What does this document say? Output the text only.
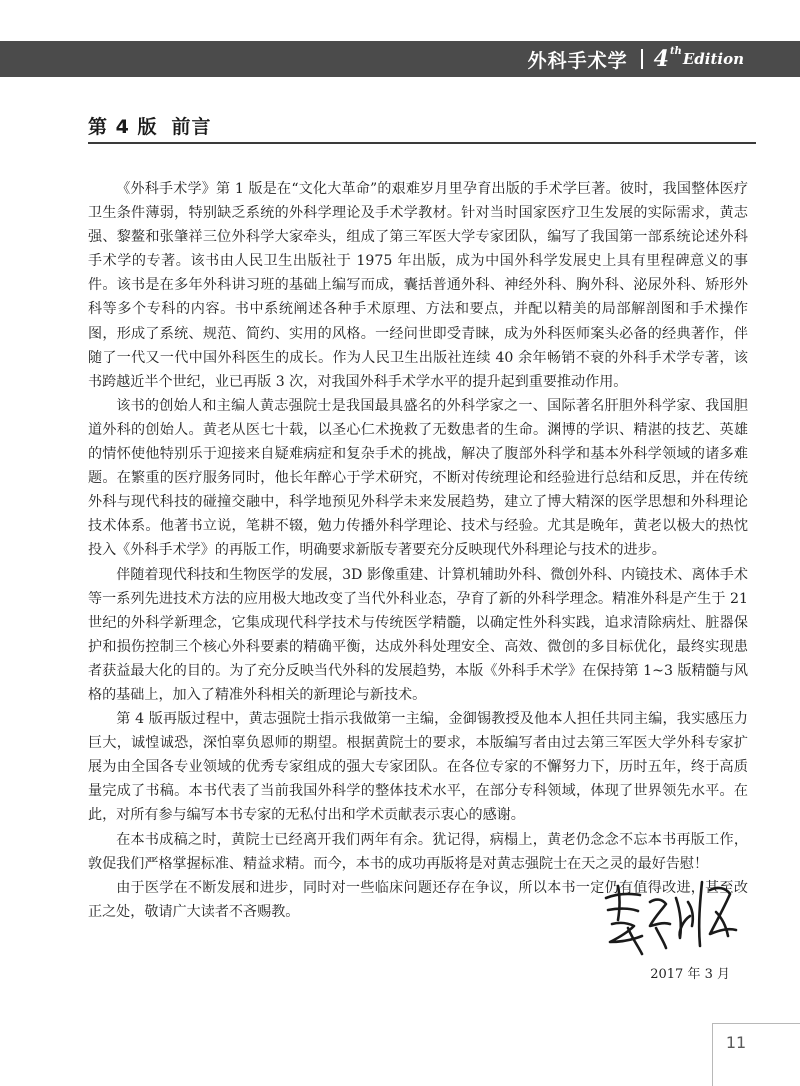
外科手术学 4 th Edition
第 4 版 前言

《外科手术学》第 1 版是在“文化大革命”的艰难岁月里孕育出版的手术学巨著。彼时，我国整体医疗卫生条件薄弱，特别缺乏系统的外科学理论及手术学教材。针对当时国家医疗卫生发展的实际需求，黄志强、黎鳌和张肇祥三位外科学大家牵头，组成了第三军医大学专家团队，编写了我国第一部系统论述外科手术学的专著。该书由人民卫生出版社于 1975 年出版，成为中国外科学发展史上具有里程碑意义的事件。该书是在多年外科讲习班的基础上编写而成，囊括普通外科、神经外科、胸外科、泌尿外科、矫形外科等多个专科的内容。书中系统阐述各种手术原理、方法和要点，并配以精美的局部解剖图和手术操作图，形成了系统、规范、简约、实用的风格。一经问世即受青睐，成为外科医师案头必备的经典著作，伴随了一代又一代中国外科医生的成长。作为人民卫生出版社连续 40 余年畅销不衰的外科手术学专著，该书跨越近半个世纪，业已再版 3 次，对我国外科手术学水平的提升起到重要推动作用。

该书的创始人和主编人黄志强院士是我国最具盛名的外科学家之一、国际著名肝胆外科学家、我国胆道外科的创始人。黄老从医七十载，以圣心仁术挽救了无数患者的生命。渊博的学识、精湛的技艺、英雄的情怀使他特别乐于迎接来自疑难病症和复杂手术的挑战，解决了腹部外科学和基本外科学领域的诸多难题。在繁重的医疗服务同时，他长年醉心于学术研究，不断对传统理论和经验进行总结和反思，并在传统外科与现代科技的碰撞交融中，科学地预见外科学未来发展趋势，建立了博大精深的医学思想和外科理论技术体系。他著书立说，笔耕不辍，勉力传播外科学理论、技术与经验。尤其是晚年，黄老以极大的热忱投入《外科手术学》的再版工作，明确要求新版专著要充分反映现代外科理论与技术的进步。

伴随着现代科技和生物医学的发展，3D 影像重建、计算机辅助外科、微创外科、内镜技术、离体手术等一系列先进技术方法的应用极大地改变了当代外科业态，孕育了新的外科学理念。精准外科是产生于 21 世纪的外科学新理念，它集成现代科学技术与传统医学精髓，以确定性外科实践，追求清除病灶、脏器保护和损伤控制三个核心外科要素的精确平衡，达成外科处理安全、高效、微创的多目标优化，最终实现患者获益最大化的目的。为了充分反映当代外科的发展趋势，本版《外科手术学》在保持第 1~3 版精髓与风格的基础上，加入了精准外科相关的新理论与新技术。

第 4 版再版过程中，黄志强院士指示我做第一主编，金御锡教授及他本人担任共同主编，我实感压力巨大，诚惶诚恐，深怕辜负恩师的期望。根据黄院士的要求，本版编写者由过去第三军医大学外科专家扩展为由全国各专业领域的优秀专家组成的强大专家团队。在各位专家的不懈努力下，历时五年，终于高质量完成了书稿。本书代表了当前我国外科学的整体技术水平，在部分专科领域，体现了世界领先水平。在此，对所有参与编写本书专家的无私付出和学术贡献表示衷心的感谢。

在本书成稿之时，黄院士已经离开我们两年有余。犹记得，病榻上，黄老仍念念不忘本书再版工作，敦促我们严格掌握标准、精益求精。而今，本书的成功再版将是对黄志强院士在天之灵的最好告慰！

由于医学在不断发展和进步，同时对一些临床问题还存在争议，所以本书一定仍有值得改进，甚至改正之处，敬请广大读者不吝赐教。

2017 年 3 月
11
